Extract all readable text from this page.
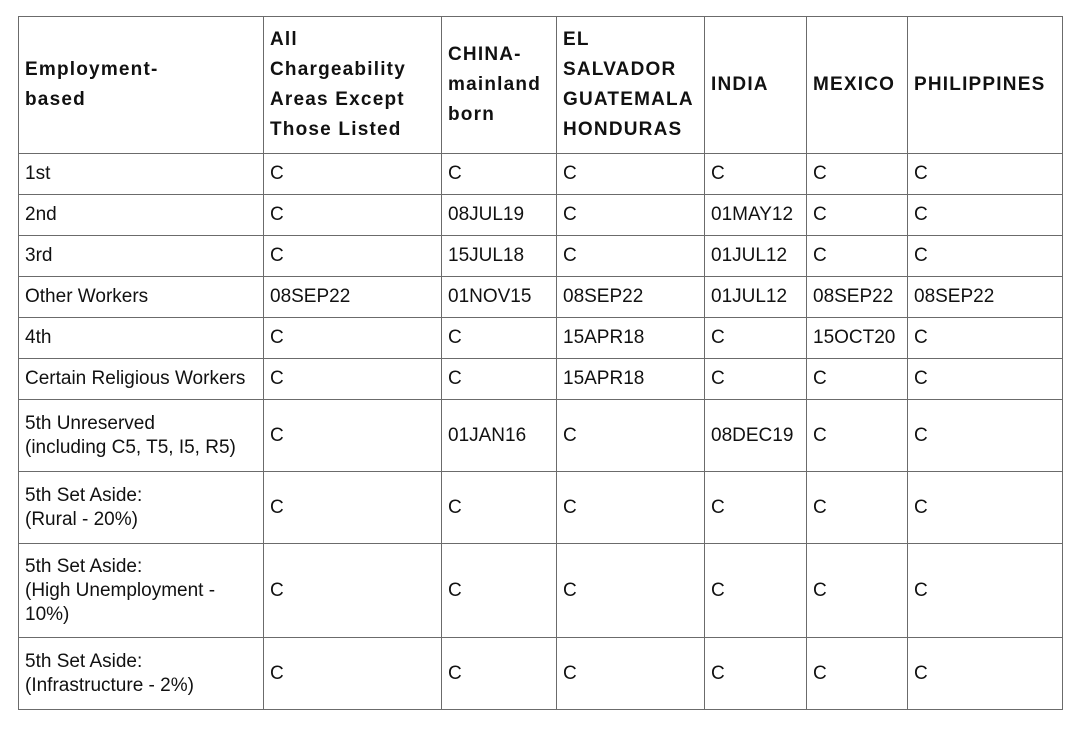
Employment-
based	All
Chargeability
Areas Except
Those Listed	CHINA-
mainland
born	EL
SALVADOR
GUATEMALA
HONDURAS	INDIA	MEXICO	PHILIPPINES
1st	C	C	C	C	C	C
2nd	C	08JUL19	C	01MAY12	C	C
3rd	C	15JUL18	C	01JUL12	C	C
Other Workers	08SEP22	01NOV15	08SEP22	01JUL12	08SEP22	08SEP22
4th	C	C	15APR18	C	15OCT20	C
Certain Religious Workers	C	C	15APR18	C	C	C
5th Unreserved
(including C5, T5, I5, R5)	C	01JAN16	C	08DEC19	C	C
5th Set Aside:
(Rural - 20%)	C	C	C	C	C	C
5th Set Aside:
(High Unemployment -
10%)	C	C	C	C	C	C
5th Set Aside:
(Infrastructure - 2%)	C	C	C	C	C	C
